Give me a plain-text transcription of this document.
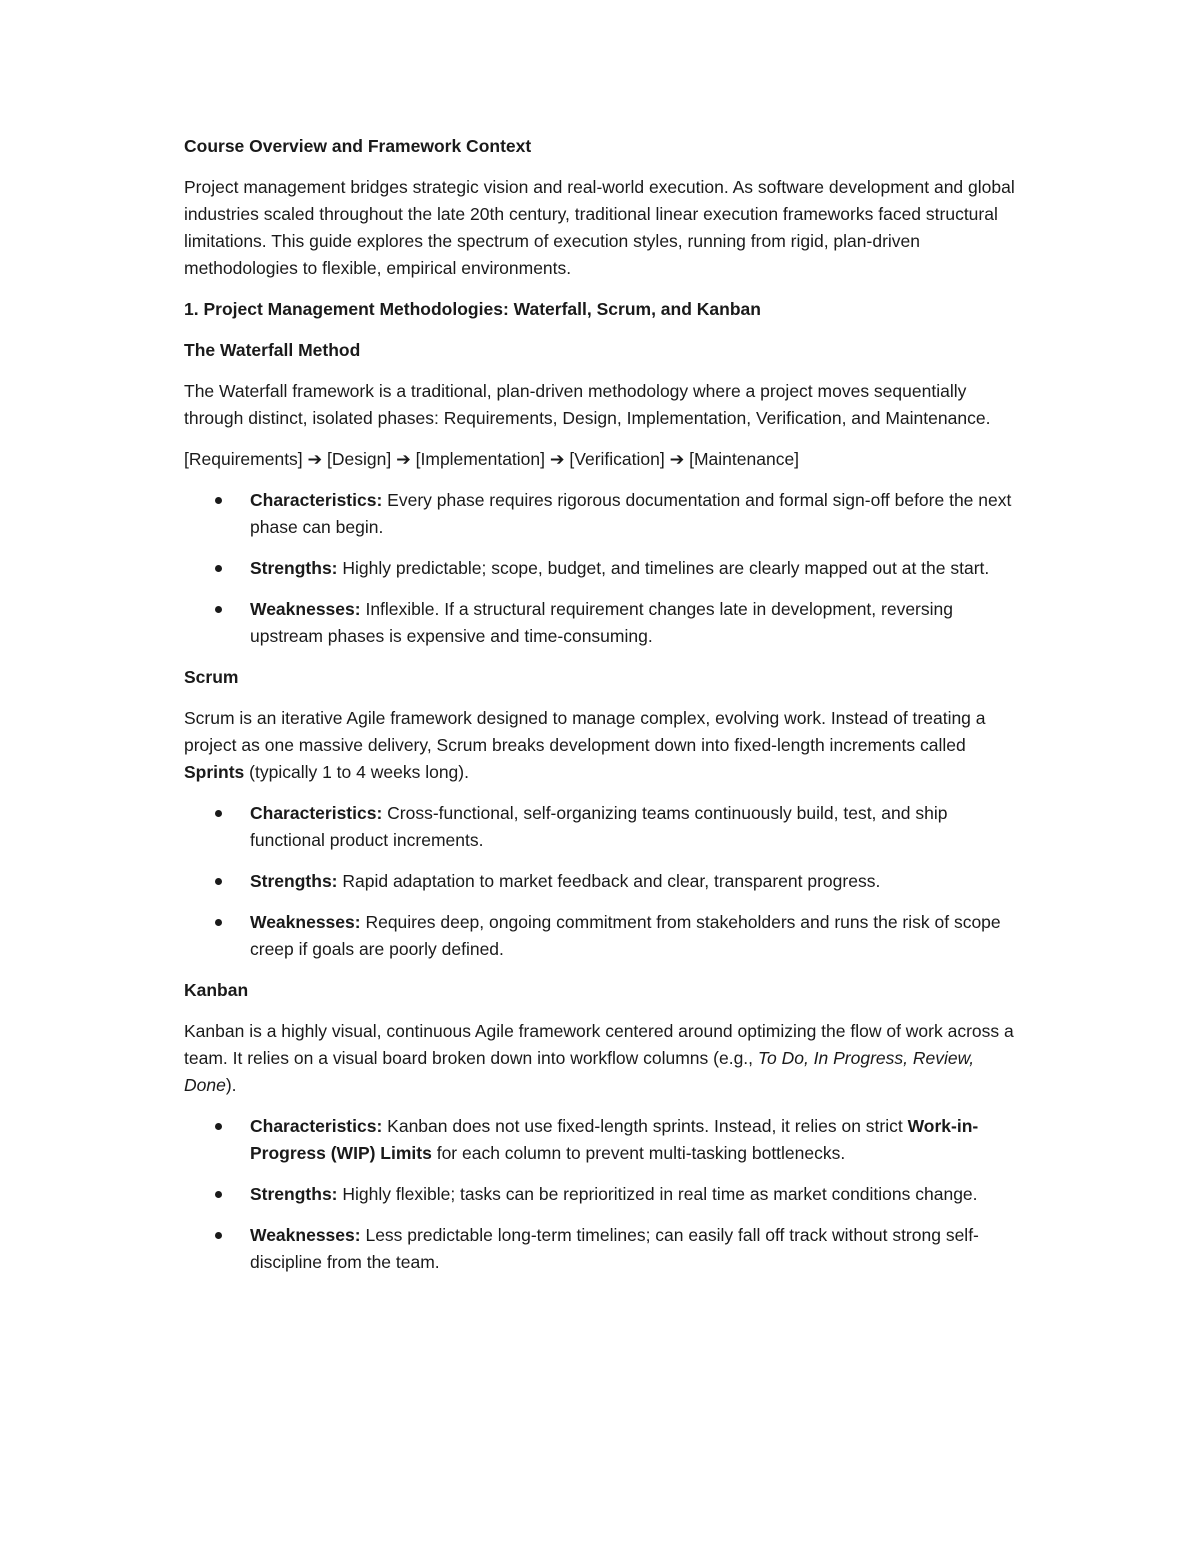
Course Overview and Framework Context

Project management bridges strategic vision and real-world execution. As software development and global industries scaled throughout the late 20th century, traditional linear execution frameworks faced structural limitations. This guide explores the spectrum of execution styles, running from rigid, plan-driven methodologies to flexible, empirical environments.

1. Project Management Methodologies: Waterfall, Scrum, and Kanban
The Waterfall Method

The Waterfall framework is a traditional, plan-driven methodology where a project moves sequentially through distinct, isolated phases: Requirements, Design, Implementation, Verification, and Maintenance.

[Requirements] ➔ [Design] ➔ [Implementation] ➔ [Verification] ➔ [Maintenance]

Characteristics: Every phase requires rigorous documentation and formal sign-off before the next phase can begin.
Strengths: Highly predictable; scope, budget, and timelines are clearly mapped out at the start.
Weaknesses: Inflexible. If a structural requirement changes late in development, reversing upstream phases is expensive and time-consuming.
Scrum

Scrum is an iterative Agile framework designed to manage complex, evolving work. Instead of treating a project as one massive delivery, Scrum breaks development down into fixed-length increments called Sprints (typically 1 to 4 weeks long).

Characteristics: Cross-functional, self-organizing teams continuously build, test, and ship functional product increments.
Strengths: Rapid adaptation to market feedback and clear, transparent progress.
Weaknesses: Requires deep, ongoing commitment from stakeholders and runs the risk of scope creep if goals are poorly defined.
Kanban

Kanban is a highly visual, continuous Agile framework centered around optimizing the flow of work across a team. It relies on a visual board broken down into workflow columns (e.g., To Do, In Progress, Review, Done).

Characteristics: Kanban does not use fixed-length sprints. Instead, it relies on strict Work-in-Progress (WIP) Limits for each column to prevent multi-tasking bottlenecks.
Strengths: Highly flexible; tasks can be reprioritized in real time as market conditions change.
Weaknesses: Less predictable long-term timelines; can easily fall off track without strong self-discipline from the team.
